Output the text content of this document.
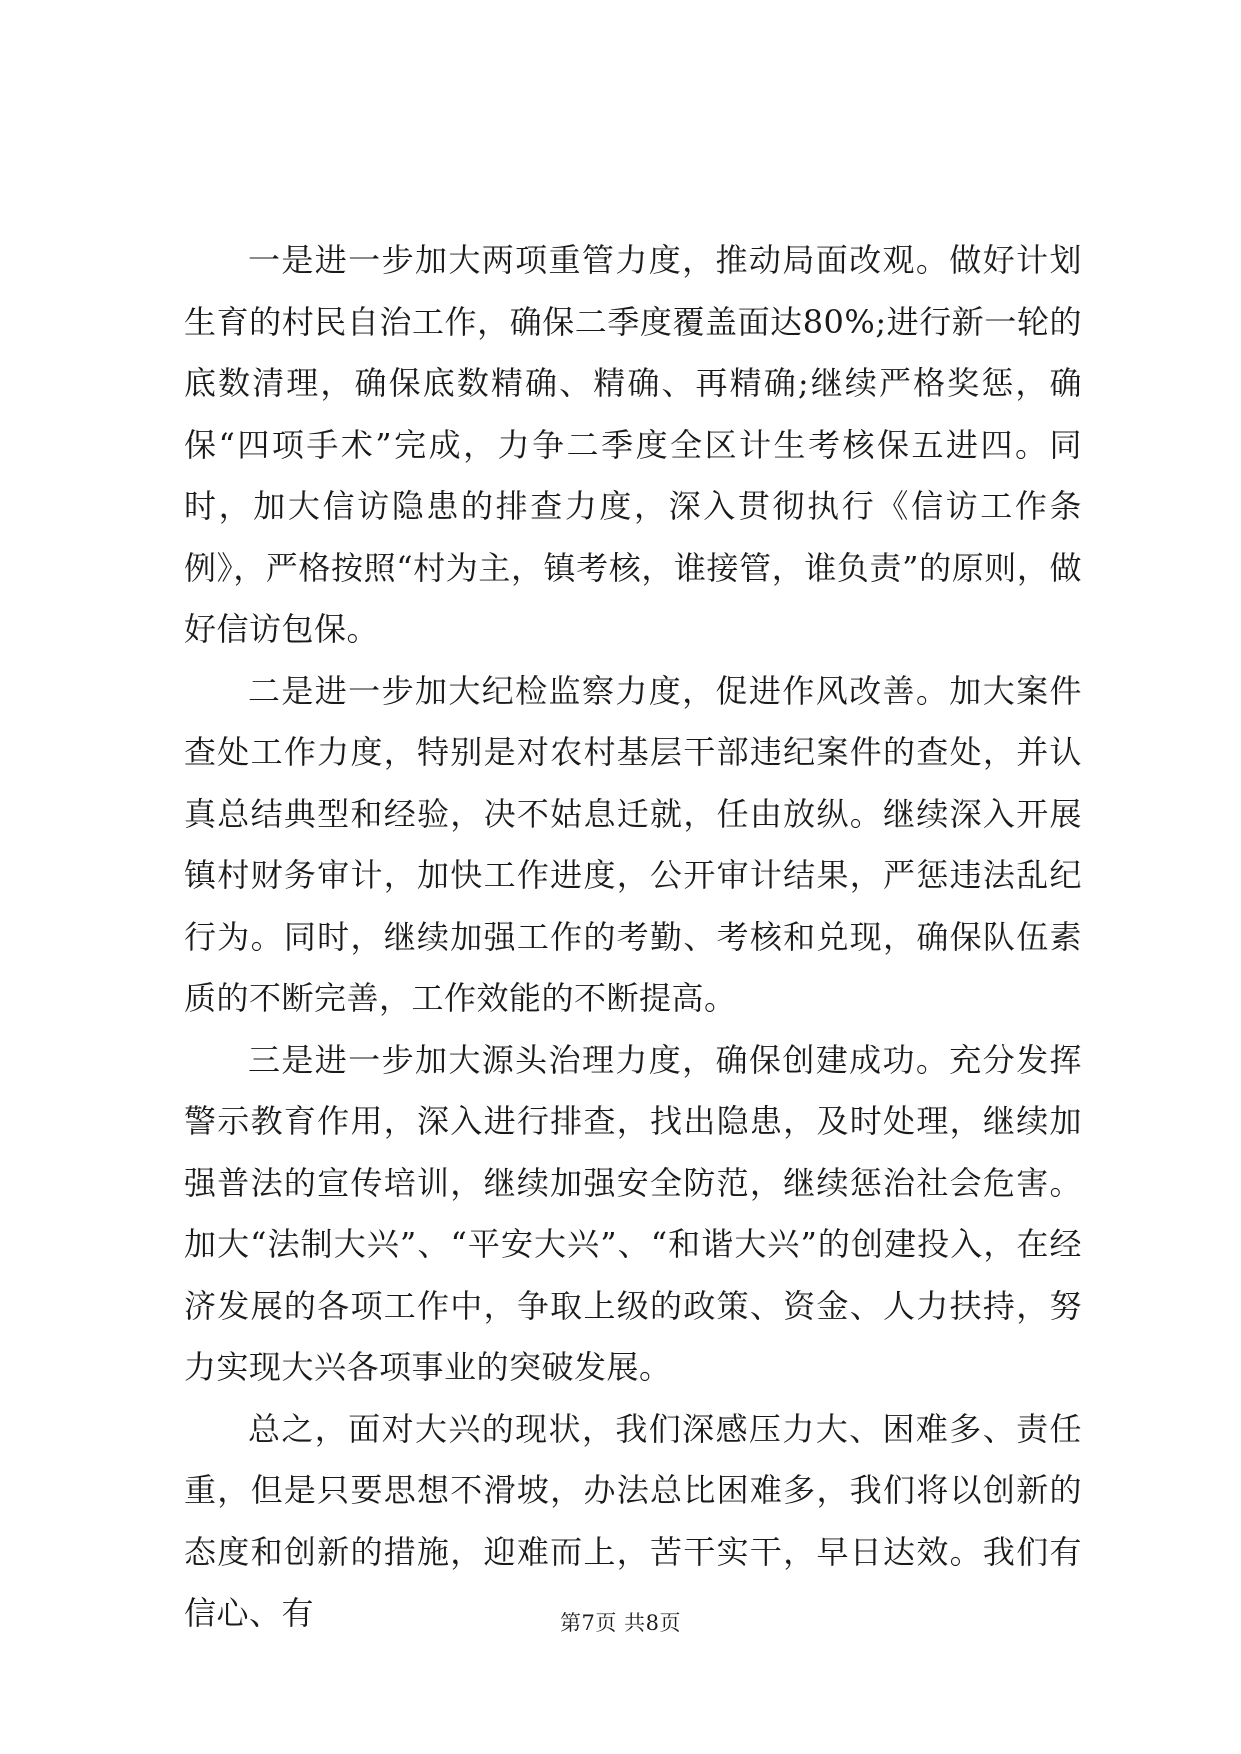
一是进一步加大两项重管力度，推动局面改观。做好计划生育的村民自治工作，确保二季度覆盖面达80%;进行新一轮的底数清理，确保底数精确、精确、再精确;继续严格奖惩，确保“四项手术”完成，力争二季度全区计生考核保五进四。同时，加大信访隐患的排查力度，深入贯彻执行《信访工作条例》，严格按照“村为主，镇考核，谁接管，谁负责”的原则，做好信访包保。

二是进一步加大纪检监察力度，促进作风改善。加大案件查处工作力度，特别是对农村基层干部违纪案件的查处，并认真总结典型和经验，决不姑息迁就，任由放纵。继续深入开展镇村财务审计，加快工作进度，公开审计结果，严惩违法乱纪行为。同时，继续加强工作的考勤、考核和兑现，确保队伍素质的不断完善，工作效能的不断提高。

三是进一步加大源头治理力度，确保创建成功。充分发挥警示教育作用，深入进行排查，找出隐患，及时处理，继续加强普法的宣传培训，继续加强安全防范，继续惩治社会危害。加大“法制大兴”、“平安大兴”、“和谐大兴”的创建投入，在经济发展的各项工作中，争取上级的政策、资金、人力扶持，努力实现大兴各项事业的突破发展。

总之，面对大兴的现状，我们深感压力大、困难多、责任重，但是只要思想不滑坡，办法总比困难多，我们将以创新的态度和创新的措施，迎难而上，苦干实干，早日达效。我们有信心、有	第7页 共8页
